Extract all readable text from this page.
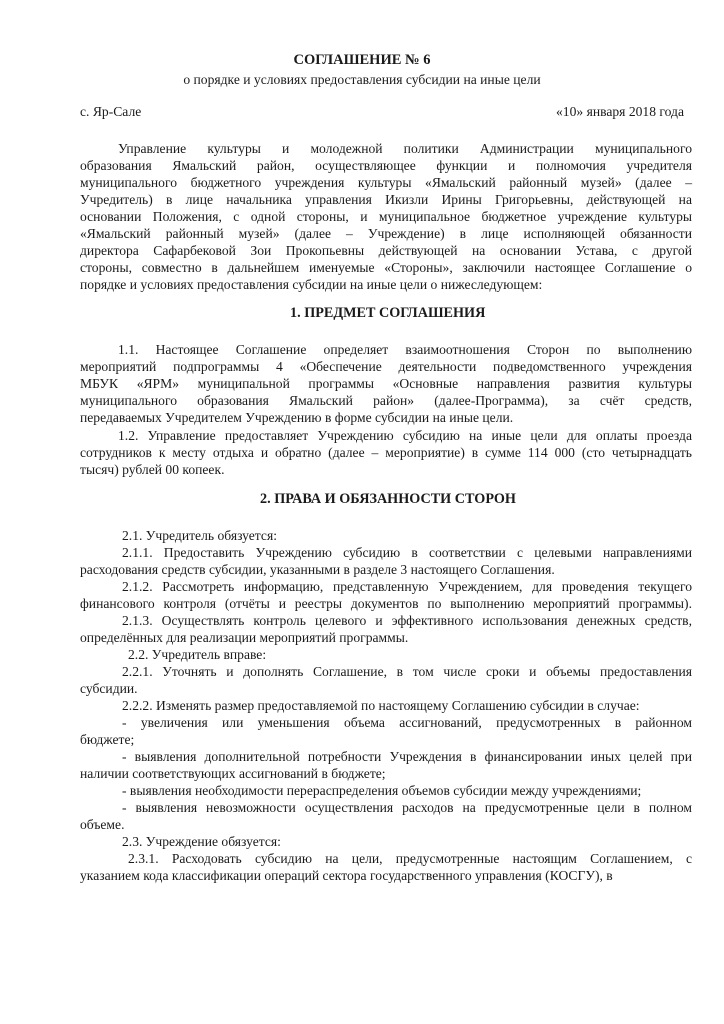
СОГЛАШЕНИЕ № 6
о порядке и условиях предоставления субсидии на иные цели
с. Яр-Сале	«10» января 2018 года
Управление культуры и молодежной политики Администрации муниципального
образования Ямальский район, осуществляющее функции и полномочия учредителя
муниципального бюджетного учреждения культуры «Ямальский районный музей» (далее –
Учредитель) в лице начальника управления Икизли Ирины Григорьевны, действующей на
основании Положения, с одной стороны, и муниципальное бюджетное учреждение культуры
«Ямальский районный музей» (далее – Учреждение) в лице исполняющей обязанности
директора Сафарбековой Зои Прокопьевны действующей на основании Устава, с другой
стороны, совместно в дальнейшем именуемые «Стороны», заключили настоящее Соглашение о
порядке и условиях предоставления субсидии на иные цели о нижеследующем:
1. ПРЕДМЕТ СОГЛАШЕНИЯ
1.1. Настоящее Соглашение определяет взаимоотношения Сторон по выполнению
мероприятий подпрограммы 4 «Обеспечение деятельности подведомственного учреждения
МБУК «ЯРМ» муниципальной программы «Основные направления развития культуры
муниципального образования Ямальский район» (далее-Программа), за счёт средств,
передаваемых Учредителем Учреждению в форме субсидии на иные цели.
1.2. Управление предоставляет Учреждению субсидию на иные цели для оплаты проезда
сотрудников к месту отдыха и обратно (далее – мероприятие) в сумме 114 000 (сто четырнадцать
тысяч) рублей 00 копеек.
2. ПРАВА И ОБЯЗАННОСТИ СТОРОН
2.1. Учредитель обязуется:
2.1.1. Предоставить Учреждению субсидию в соответствии с целевыми направлениями
расходования средств субсидии, указанными в разделе 3 настоящего Соглашения.
2.1.2. Рассмотреть информацию, представленную Учреждением, для проведения текущего
финансового контроля (отчёты и реестры документов по выполнению мероприятий программы).
2.1.3. Осуществлять контроль целевого и эффективного использования денежных средств,
определённых для реализации мероприятий программы.
2.2. Учредитель вправе:
2.2.1. Уточнять и дополнять Соглашение, в том числе сроки и объемы предоставления
субсидии.
2.2.2. Изменять размер предоставляемой по настоящему Соглашению субсидии в случае:
- увеличения или уменьшения объема ассигнований, предусмотренных в районном
бюджете;
- выявления дополнительной потребности Учреждения в финансировании иных целей при
наличии соответствующих ассигнований в бюджете;
- выявления необходимости перераспределения объемов субсидии между учреждениями;
- выявления невозможности осуществления расходов на предусмотренные цели в полном
объеме.
2.3. Учреждение обязуется:
2.3.1. Расходовать субсидию на цели, предусмотренные настоящим Соглашением, с
указанием кода классификации операций сектора государственного управления (КОСГУ), в
